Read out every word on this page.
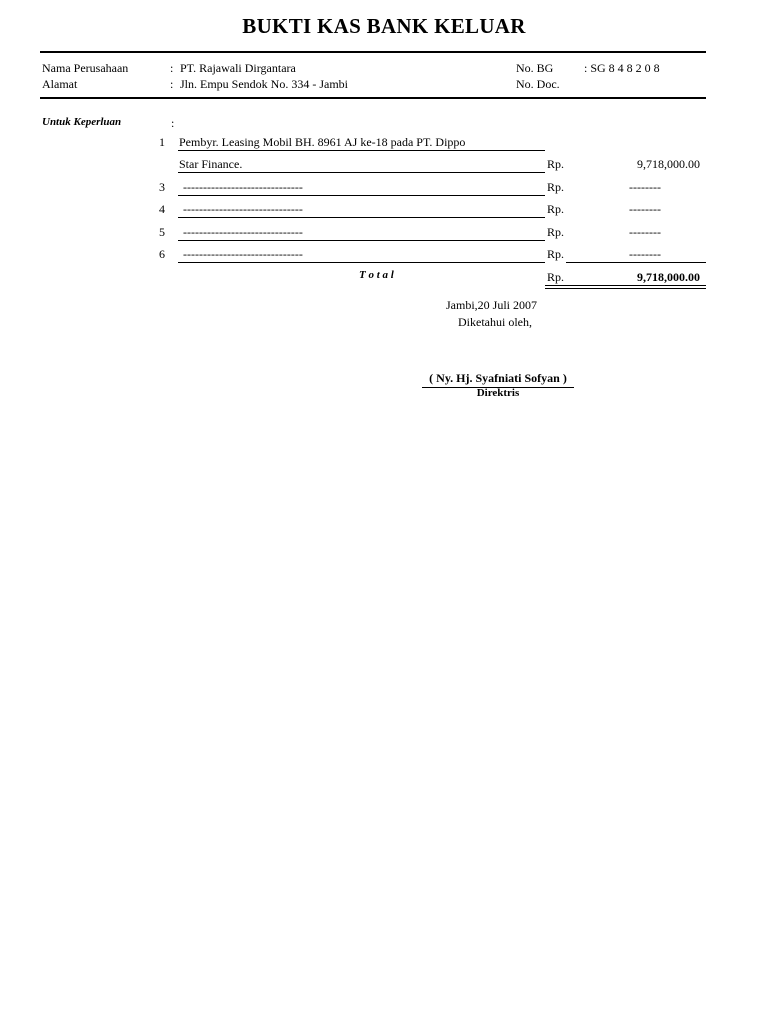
BUKTI KAS BANK KELUAR
Nama Perusahaan	: PT. Rajawali Dirgantara
Alamat	: Jln. Empu Sendok No. 334 - Jambi
No. BG	: SG 8 4 8 2 0 8
No. Doc.
Untuk Keperluan	:
1 Pembyr. Leasing Mobil BH. 8961 AJ ke-18 pada PT. Dippo
Star Finance.	Rp.	9,718,000.00
3 ------------------------------	Rp.	--------
4 ------------------------------	Rp.	--------
5 ------------------------------	Rp.	--------
6 ------------------------------	Rp.	--------
T o t a l	Rp.	9,718,000.00
Jambi,20 Juli 2007
Diketahui oleh,
( Ny. Hj. Syafniati Sofyan )
Direktris
